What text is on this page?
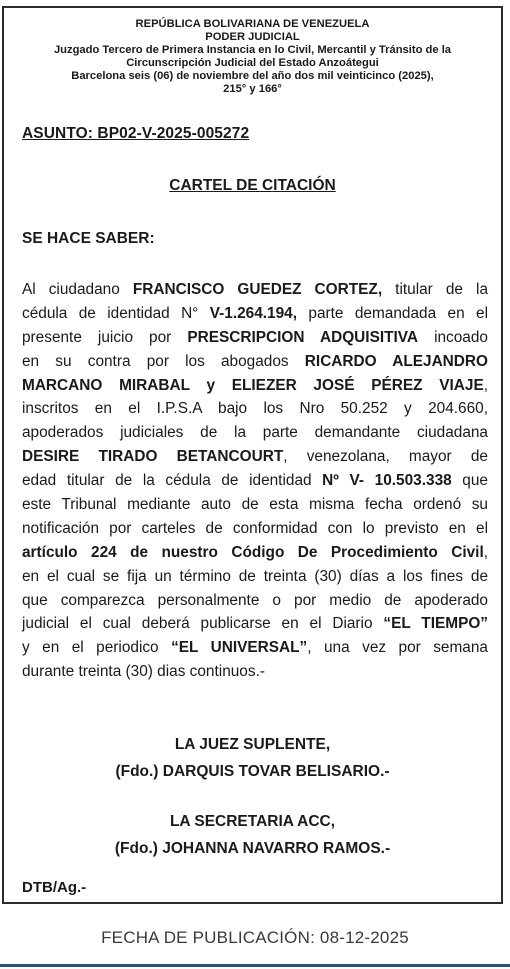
REPÚBLICA BOLIVARIANA DE VENEZUELA
PODER JUDICIAL
Juzgado Tercero de Primera Instancia en lo Civil, Mercantil y Tránsito de la
Circunscripción Judicial del Estado Anzoátegui
Barcelona seis (06) de noviembre del año dos mil veinticinco (2025),
215° y 166°
ASUNTO: BP02-V-2025-005272
CARTEL DE CITACIÓN
SE HACE SABER:
Al ciudadano FRANCISCO GUEDEZ CORTEZ, titular de la
cédula de identidad N° V-1.264.194, parte demandada en el
presente juicio por PRESCRIPCION ADQUISITIVA incoado
en su contra por los abogados RICARDO ALEJANDRO
MARCANO MIRABAL y ELIEZER JOSÉ PÉREZ VIAJE,
inscritos en el I.P.S.A bajo los Nro 50.252 y 204.660,
apoderados judiciales de la parte demandante ciudadana
DESIRE TIRADO BETANCOURT, venezolana, mayor de
edad titular de la cédula de identidad Nº V- 10.503.338 que
este Tribunal mediante auto de esta misma fecha ordenó su
notificación por carteles de conformidad con lo previsto en el
artículo 224 de nuestro Código De Procedimiento Civil,
en el cual se fija un término de treinta (30) días a los fines de
que comparezca personalmente o por medio de apoderado
judicial el cual deberá publicarse en el Diario “EL TIEMPO”
y en el periodico “EL UNIVERSAL”, una vez por semana
durante treinta (30) dias continuos.-
LA JUEZ SUPLENTE,
(Fdo.) DARQUIS TOVAR BELISARIO.-
LA SECRETARIA ACC,
(Fdo.) JOHANNA NAVARRO RAMOS.-
DTB/Ag.-
FECHA DE PUBLICACIÓN: 08-12-2025
